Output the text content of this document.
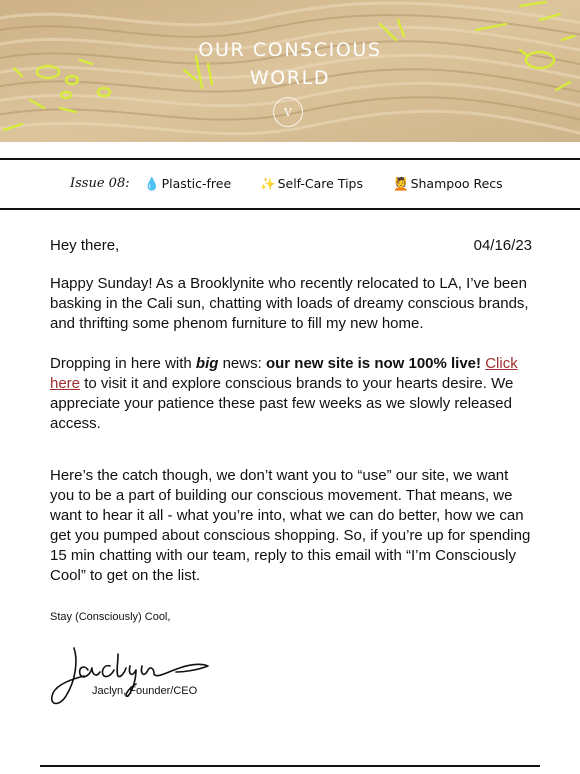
OUR CONSCIOUS
WORLD
V
Issue 08: 💧 Plastic-free ✨ Self-Care Tips 💆 Shampoo Recs
Hey there,	04/16/23

Happy Sunday! As a Brooklynite who recently relocated to LA, I’ve been basking in the Cali sun, chatting with loads of dreamy conscious brands, and thrifting some phenom furniture to fill my new home.

Dropping in here with big news: our new site is now 100% live! Click here to visit it and explore conscious brands to your hearts desire. We appreciate your patience these past few weeks as we slowly released access.

Here’s the catch though, we don’t want you to “use” our site, we want you to be a part of building our conscious movement. That means, we want to hear it all - what you’re into, what we can do better, how we can get you pumped about conscious shopping. So, if you’re up for spending 15 min chatting with our team, reply to this email with “I’m Consciously Cool” to get on the list.

Stay (Consciously) Cool,
Jaclyn, Founder/CEO
